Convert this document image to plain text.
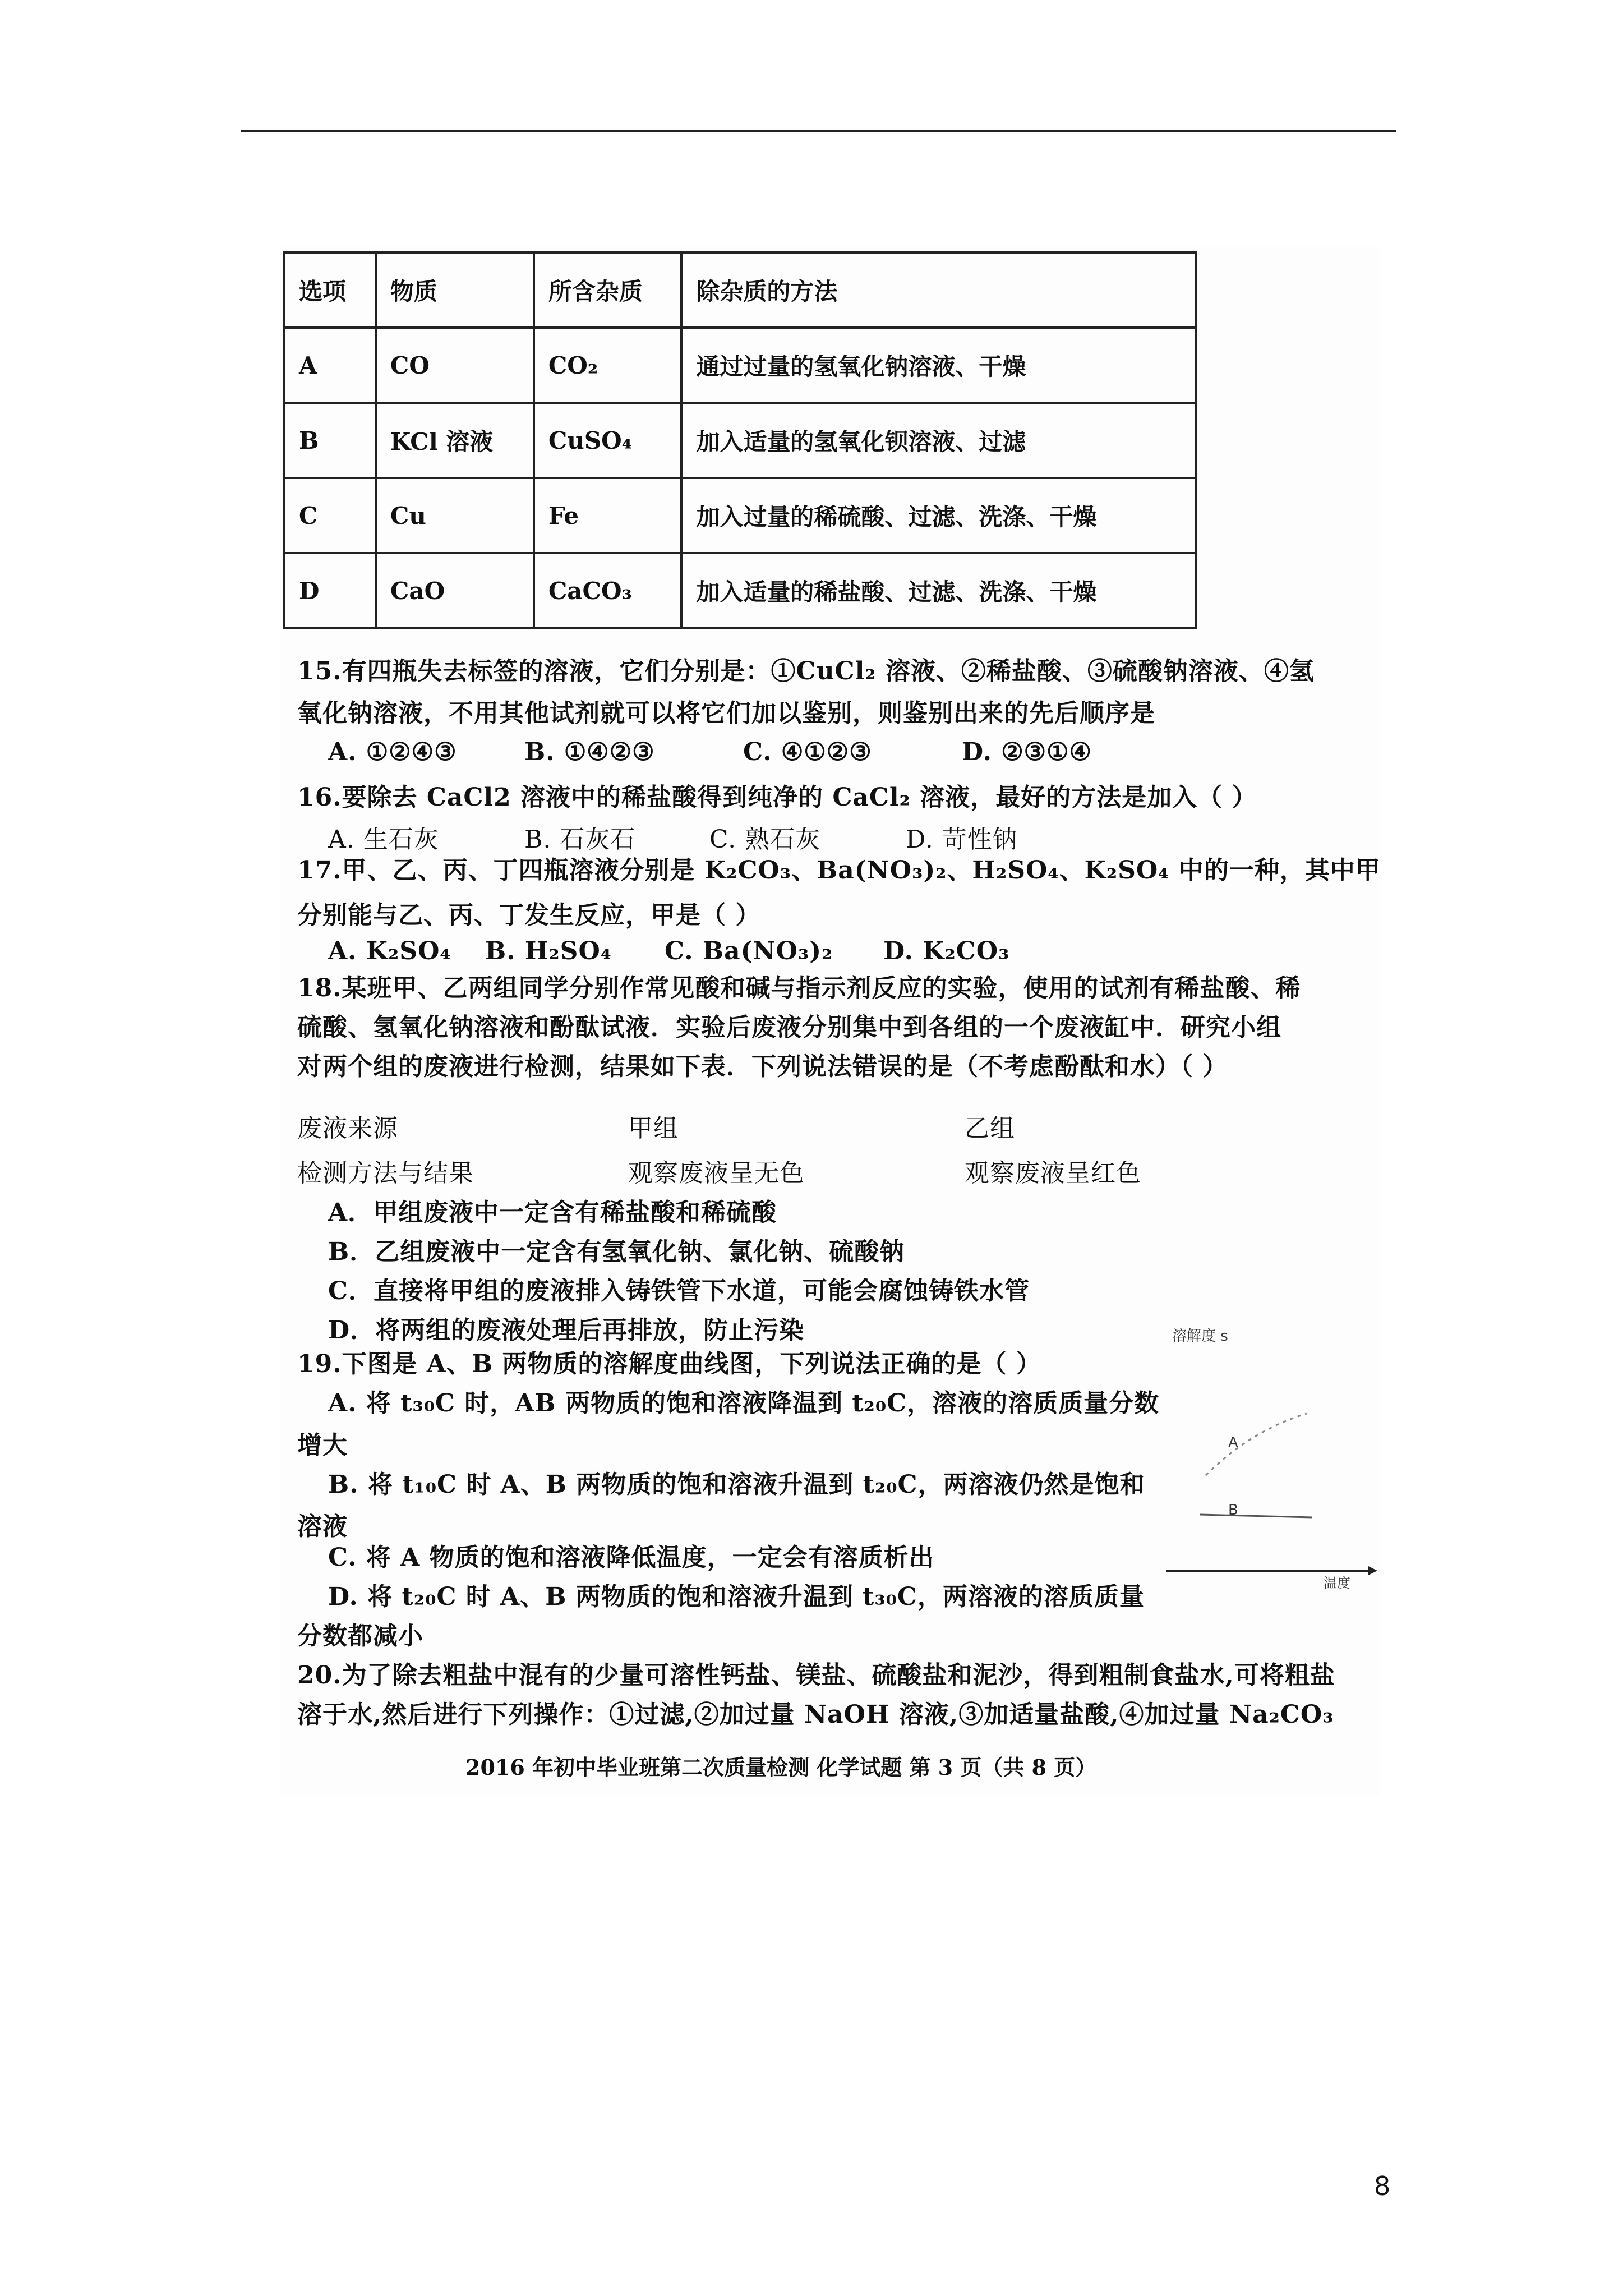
选项	物质	所含杂质	除杂质的方法
A	CO	CO₂	通过过量的氢氧化钠溶液、干燥
B	KCl 溶液	CuSO₄	加入适量的氢氧化钡溶液、过滤
C	Cu	Fe	加入过量的稀硫酸、过滤、洗涤、干燥
D	CaO	CaCO₃	加入适量的稀盐酸、过滤、洗涤、干燥
15.有四瓶失去标签的溶液，它们分别是：①CuCl₂ 溶液、②稀盐酸、③硫酸钠溶液、④氢
氧化钠溶液，不用其他试剂就可以将它们加以鉴别，则鉴别出来的先后顺序是
A. ①②④③	B. ①④②③	C. ④①②③	D. ②③①④
16.要除去 CaCl2 溶液中的稀盐酸得到纯净的 CaCl₂ 溶液，最好的方法是加入（ ）
A. 生石灰	B. 石灰石	C. 熟石灰	D. 苛性钠
17.甲、乙、丙、丁四瓶溶液分别是 K₂CO₃、Ba(NO₃)₂、H₂SO₄、K₂SO₄ 中的一种，其中甲
分别能与乙、丙、丁发生反应，甲是（ ）
A. K₂SO₄ B. H₂SO₄ C. Ba(NO₃)₂ D. K₂CO₃
18.某班甲、乙两组同学分别作常见酸和碱与指示剂反应的实验，使用的试剂有稀盐酸、稀
硫酸、氢氧化钠溶液和酚酞试液．实验后废液分别集中到各组的一个废液缸中．研究小组
对两个组的废液进行检测，结果如下表．下列说法错误的是（不考虑酚酞和水）（ ）
废液来源	甲组	乙组
检测方法与结果	观察废液呈无色	观察废液呈红色
A．甲组废液中一定含有稀盐酸和稀硫酸
B．乙组废液中一定含有氢氧化钠、氯化钠、硫酸钠
C．直接将甲组的废液排入铸铁管下水道，可能会腐蚀铸铁水管
D．将两组的废液处理后再排放，防止污染
19.下图是 A、B 两物质的溶解度曲线图，下列说法正确的是（ ）
A. 将 t₃₀C 时，AB 两物质的饱和溶液降温到 t₂₀C，溶液的溶质质量分数
增大
B. 将 t₁₀C 时 A、B 两物质的饱和溶液升温到 t₂₀C，两溶液仍然是饱和
溶液
C. 将 A 物质的饱和溶液降低温度，一定会有溶质析出
D. 将 t₂₀C 时 A、B 两物质的饱和溶液升温到 t₃₀C，两溶液的溶质质量
分数都减小
溶解度 s
A
B
温度
20.为了除去粗盐中混有的少量可溶性钙盐、镁盐、硫酸盐和泥沙，得到粗制食盐水,可将粗盐
溶于水,然后进行下列操作：①过滤,②加过量 NaOH 溶液,③加适量盐酸,④加过量 Na₂CO₃
2016 年初中毕业班第二次质量检测 化学试题 第 3 页（共 8 页）
8
